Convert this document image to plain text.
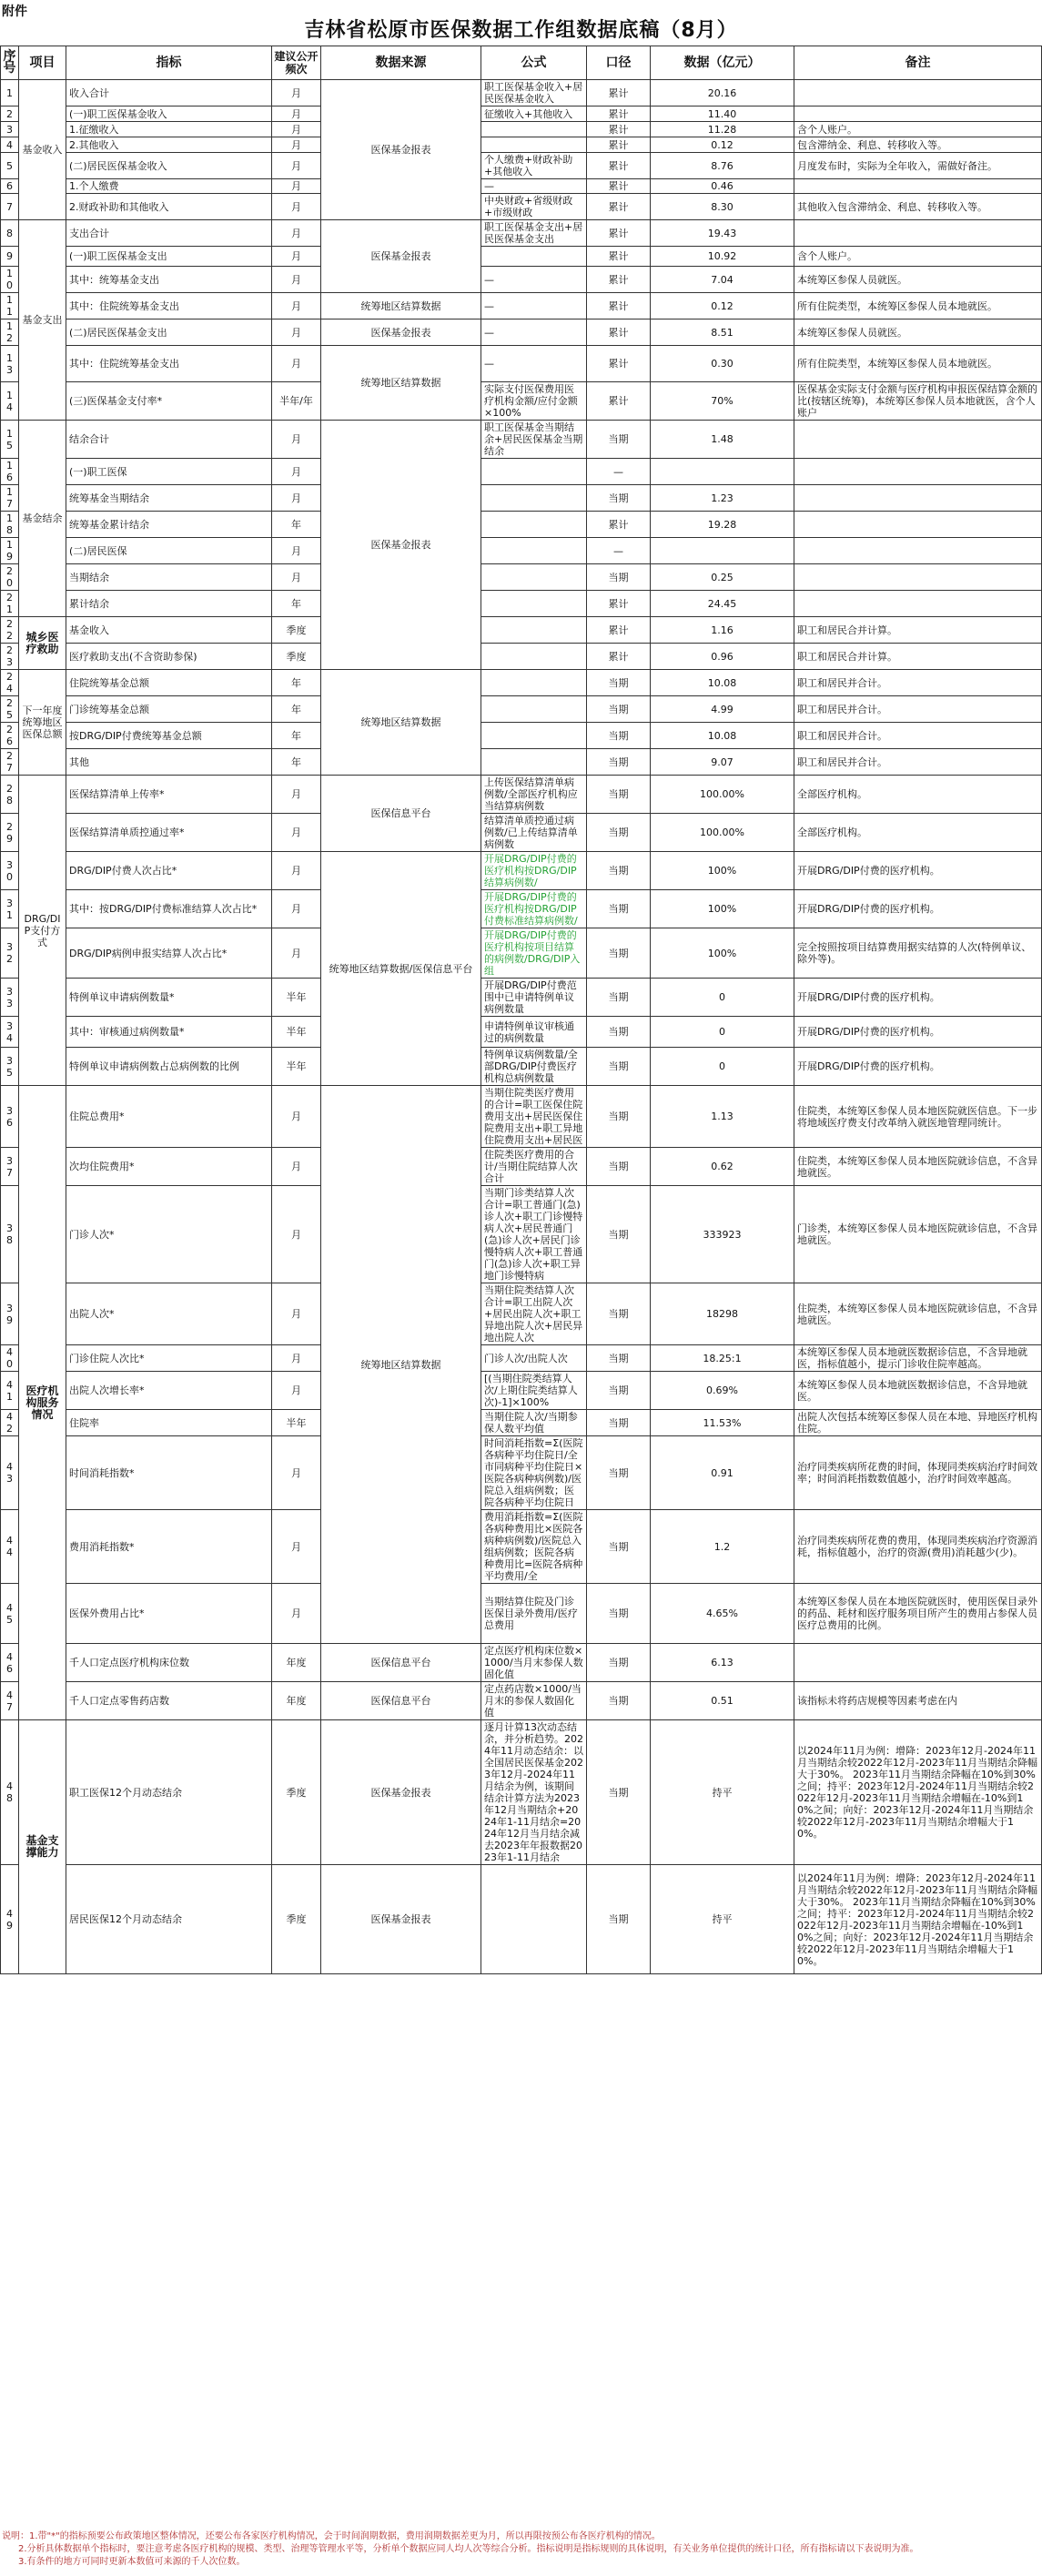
附件
吉林省松原市医保数据工作组数据底稿（8月）
序号	项目	指标	建议公开频次	数据来源	公式	口径	数据（亿元）	备注
1	基金收入	收入合计	月	医保基金报表	职工医保基金收入+居民医保基金收入	累计	20.16	
2		(一)职工医保基金收入	月		征缴收入+其他收入	累计	11.40	
3		1.征缴收入	月			累计	11.28	含个人账户。
4		2.其他收入	月			累计	0.12	包含滞纳金、利息、转移收入等。
5		(二)居民医保基金收入	月		个人缴费+财政补助+其他收入	累计	8.76	月度发布时，实际为全年收入，需做好备注。
6		1.个人缴费	月		—	累计	0.46	
7		2.财政补助和其他收入	月		中央财政+省级财政+市级财政	累计	8.30	其他收入包含滞纳金、利息、转移收入等。
8	基金支出	支出合计	月	医保基金报表	职工医保基金支出+居民医保基金支出	累计	19.43	
9		(一)职工医保基金支出	月			累计	10.92	含个人账户。
10		其中：统筹基金支出	月		—	累计	7.04	本统筹区参保人员就医。
11		其中：住院统筹基金支出	月	统筹地区结算数据	—	累计	0.12	所有住院类型，本统筹区参保人员本地就医。
12		(二)居民医保基金支出	月	医保基金报表	—	累计	8.51	本统筹区参保人员就医。
13		其中：住院统筹基金支出	月	统筹地区结算数据	—	累计	0.30	所有住院类型，本统筹区参保人员本地就医。
14		(三)医保基金支付率*	半年/年		实际支付医保费用医疗机构金额/应付金额×100%	累计	70%	医保基金实际支付金额与医疗机构申报医保结算金额的比(按辖区统筹)，本统筹区参保人员本地就医，含个人账户
15	基金结余	结余合计	月	医保基金报表	职工医保基金当期结余+居民医保基金当期结余	当期	1.48	
16		(一)职工医保	月			—		
17		统筹基金当期结余	月			当期	1.23	
18		统筹基金累计结余	年			累计	19.28	
19		(二)居民医保	月			—		
20		当期结余	月			当期	0.25	
21		累计结余	年			累计	24.45	
22	城乡医疗救助	基金收入	季度			累计	1.16	职工和居民合并计算。
23		医疗救助支出(不含资助参保)	季度			累计	0.96	职工和居民合并计算。
24	下一年度统筹地区医保总额	住院统筹基金总额	年	统筹地区结算数据		当期	10.08	职工和居民并合计。
25		门诊统筹基金总额	年			当期	4.99	职工和居民并合计。
26		按DRG/DIP付费统筹基金总额	年			当期	10.08	职工和居民并合计。
27		其他	年			当期	9.07	职工和居民并合计。
28	DRG/DIP支付方式	医保结算清单上传率*	月	医保信息平台	上传医保结算清单病例数/全部医疗机构应当结算病例数	当期	100.00%	全部医疗机构。
29		医保结算清单质控通过率*	月		结算清单质控通过病例数/已上传结算清单病例数	当期	100.00%	全部医疗机构。
30		DRG/DIP付费人次占比*	月	统筹地区结算数据/医保信息平台	开展DRG/DIP付费的医疗机构按DRG/DIP结算病例数/	当期	100%	开展DRG/DIP付费的医疗机构。
31		其中：按DRG/DIP付费标准结算人次占比*	月		开展DRG/DIP付费的医疗机构按DRG/DIP付费标准结算病例数/	当期	100%	开展DRG/DIP付费的医疗机构。
32		DRG/DIP病例申报实结算人次占比*	月		开展DRG/DIP付费的医疗机构按项目结算的病例数/DRG/DIP入组	当期	100%	完全按照按项目结算费用据实结算的人次(特例单议、除外等)。
33		特例单议申请病例数量*	半年		开展DRG/DIP付费范围中已申请特例单议病例数量	当期	0	开展DRG/DIP付费的医疗机构。
34		其中：审核通过病例数量*	半年		申请特例单议审核通过的病例数量	当期	0	开展DRG/DIP付费的医疗机构。
35		特例单议申请病例数占总病例数的比例	半年		特例单议病例数量/全部DRG/DIP付费医疗机构总病例数量	当期	0	开展DRG/DIP付费的医疗机构。
36	医疗机构服务情况	住院总费用*	月	统筹地区结算数据	当期住院类医疗费用的合计=职工医保住院费用支出+居民医保住院费用支出+职工异地住院费用支出+居民医	当期	1.13	住院类，本统筹区参保人员本地医院就医信息。下一步将地域医疗费支付改革纳入就医地管理同统计。
37		次均住院费用*	月		住院类医疗费用的合计/当期住院结算人次合计	当期	0.62	住院类，本统筹区参保人员本地医院就诊信息，不含异地就医。
38		门诊人次*	月		当期门诊类结算人次合计=职工普通门(急)诊人次+职工门诊慢特病人次+居民普通门(急)诊人次+居民门诊慢特病人次+职工普通门(急)诊人次+职工异地门诊慢特病	当期	333923	门诊类，本统筹区参保人员本地医院就诊信息，不含异地就医。
39		出院人次*	月		当期住院类结算人次合计=职工出院人次+居民出院人次+职工异地出院人次+居民异地出院人次	当期	18298	住院类，本统筹区参保人员本地医院就诊信息，不含异地就医。
40		门诊住院人次比*	月		门诊人次/出院人次	当期	18.25:1	本统筹区参保人员本地就医数据诊信息，不含异地就医，指标值越小，提示门诊收住院率越高。
41		出院人次增长率*	月		[(当期住院类结算人次/上期住院类结算人次)-1]×100%	当期	0.69%	本统筹区参保人员本地就医数据诊信息，不含异地就医。
42		住院率	半年		当期住院人次/当期参保人数平均值	当期	11.53%	出院人次包括本统筹区参保人员在本地、异地医疗机构住院。
43		时间消耗指数*	月		时间消耗指数=Σ(医院各病种平均住院日/全市同病种平均住院日×医院各病种病例数)/医院总入组病例数；医院各病种平均住院日	当期	0.91	治疗同类疾病所花费的时间，体现同类疾病治疗时间效率；时间消耗指数数值越小，治疗时间效率越高。
44		费用消耗指数*	月		费用消耗指数=Σ(医院各病种费用比×医院各病种病例数)/医院总入组病例数；医院各病种费用比=医院各病种平均费用/全	当期	1.2	治疗同类疾病所花费的费用，体现同类疾病治疗资源消耗，指标值越小，治疗的资源(费用)消耗越少(少)。
45		医保外费用占比*	月		当期结算住院及门诊医保目录外费用/医疗总费用	当期	4.65%	本统筹区参保人员在本地医院就医时，使用医保目录外的药品、耗材和医疗服务项目所产生的费用占参保人员医疗总费用的比例。
46		千人口定点医疗机构床位数	年度	医保信息平台	定点医疗机构床位数×1000/当月末参保人数固化值	当期	6.13	
47		千人口定点零售药店数	年度	医保信息平台	定点药店数×1000/当月末的参保人数固化值	当期	0.51	该指标未将药店规模等因素考虑在内
48	基金支撑能力	职工医保12个月动态结余	季度	医保基金报表	逐月计算13次动态结余，并分析趋势。2024年11月动态结余：以全国居民医保基金2023年12月-2024年11月结余为例，该期间结余计算方法为2023年12月当期结余+2024年1-11月结余=2024年12月当月结余减去2023年年报数据2023年1-11月结余	当期	持平	以2024年11月为例：增降：2023年12月-2024年11月当期结余较2022年12月-2023年11月当期结余降幅大于30%。 2023年11月当期结余降幅在10%到30%之间；持平：2023年12月-2024年11月当期结余较2022年12月-2023年11月当期结余增幅在-10%到10%之间；向好：2023年12月-2024年11月当期结余较2022年12月-2023年11月当期结余增幅大于10%。
49		居民医保12个月动态结余	季度	医保基金报表		当期	持平	以2024年11月为例：增降：2023年12月-2024年11月当期结余较2022年12月-2023年11月当期结余降幅大于30%。 2023年11月当期结余降幅在10%到30%之间；持平：2023年12月-2024年11月当期结余较2022年12月-2023年11月当期结余增幅在-10%到10%之间；向好：2023年12月-2024年11月当期结余较2022年12月-2023年11月当期结余增幅大于10%。
说明：1.带"*"的指标预要公布政策地区整体情况，还要公布各家医疗机构情况，会于时间润期数据，费用润期数据差更为月，所以再限按预公布各医疗机构的情况。
2.分析具体数据单个指标时，要注意考虑各医疗机构的规模、类型、治理等管理水平等，分析单个数据应同人均人次等综合分析。指标说明是指标规则的具体说明，有关业务单位提供的统计口径，所有指标请以下表说明为准。
3.有条件的地方可同时更新本数值可来源的千人次位数。
